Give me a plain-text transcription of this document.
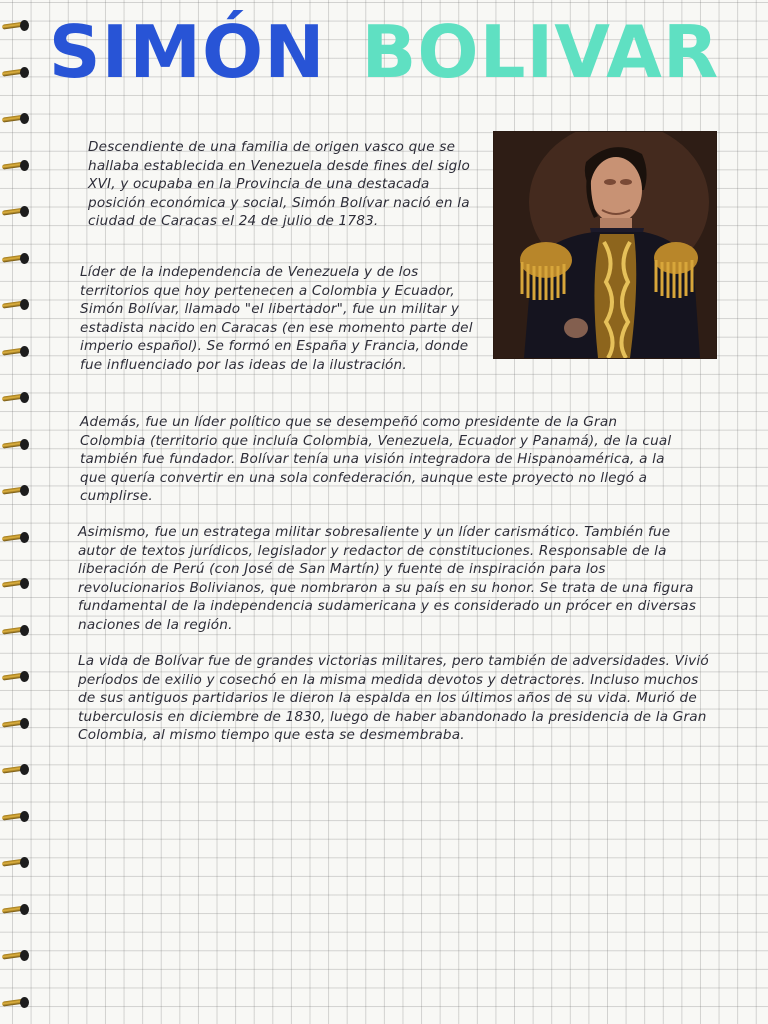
SIMÓN BOLIVAR

Descendiente de una familia de origen vasco que se hallaba establecida en Venezuela desde fines del siglo XVI, y ocupaba en la Provincia de una destacada posición económica y social, Simón Bolívar nació en la ciudad de Caracas el 24 de julio de 1783.

Líder de la independencia de Venezuela y de los territorios que hoy pertenecen a Colombia y Ecuador, Simón Bolívar, llamado "el libertador", fue un militar y estadista nacido en Caracas (en ese momento parte del imperio español). Se formó en España y Francia, donde fue influenciado por las ideas de la ilustración.

Además, fue un líder político que se desempeñó como presidente de la Gran Colombia (territorio que incluía Colombia, Venezuela, Ecuador y Panamá), de la cual también fue fundador. Bolívar tenía una visión integradora de Hispanoamérica, a la que quería convertir en una sola confederación, aunque este proyecto no llegó a cumplirse.

Asimismo, fue un estratega militar sobresaliente y un líder carismático. También fue autor de textos jurídicos, legislador y redactor de constituciones. Responsable de la liberación de Perú (con José de San Martín) y fuente de inspiración para los revolucionarios Bolivianos, que nombraron a su país en su honor. Se trata de una figura fundamental de la independencia sudamericana y es considerado un prócer en diversas naciones de la región.

La vida de Bolívar fue de grandes victorias militares, pero también de adversidades. Vivió períodos de exilio y cosechó en la misma medida devotos y detractores. Incluso muchos de sus antiguos partidarios le dieron la espalda en los últimos años de su vida. Murió de tuberculosis en diciembre de 1830, luego de haber abandonado la presidencia de la Gran Colombia, al mismo tiempo que esta se desmembraba.
